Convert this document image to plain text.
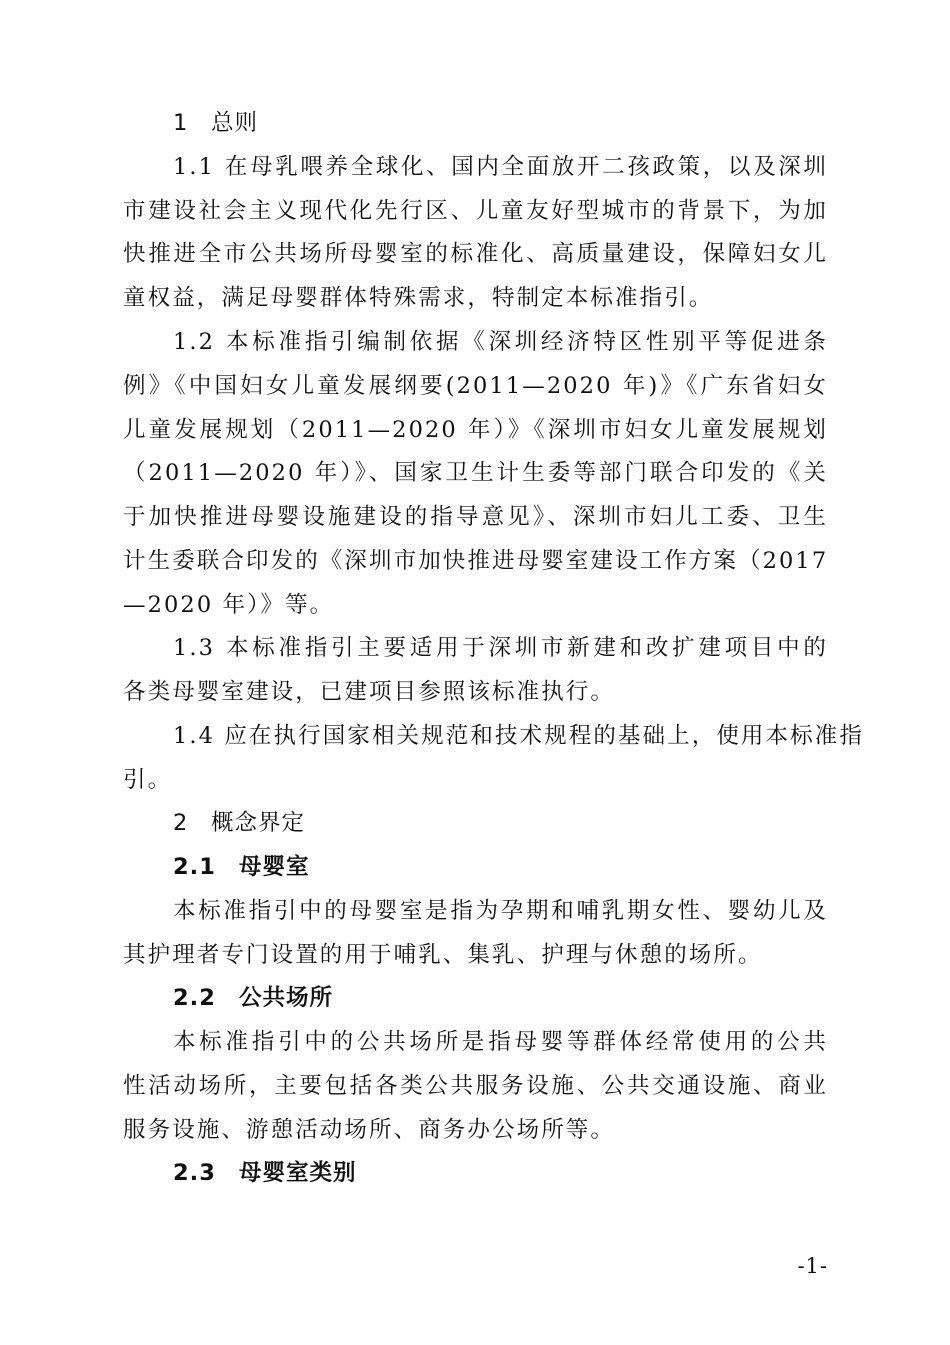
1 总则
1.1 在母乳喂养全球化、国内全面放开二孩政策，以及深圳
市建设社会主义现代化先行区、儿童友好型城市的背景下，为加
快推进全市公共场所母婴室的标准化、高质量建设，保障妇女儿
童权益，满足母婴群体特殊需求，特制定本标准指引。
1.2 本标准指引编制依据《深圳经济特区性别平等促进条
例》《中国妇女儿童发展纲要(2011—2020 年)》《广东省妇女
儿童发展规划（2011—2020 年）》《深圳市妇女儿童发展规划
（2011—2020 年）》、国家卫生计生委等部门联合印发的《关
于加快推进母婴设施建设的指导意见》、深圳市妇儿工委、卫生
计生委联合印发的《深圳市加快推进母婴室建设工作方案（2017
—2020 年）》等。
1.3 本标准指引主要适用于深圳市新建和改扩建项目中的
各类母婴室建设，已建项目参照该标准执行。
1.4 应在执行国家相关规范和技术规程的基础上，使用本标准指
引。
2 概念界定
2.1 母婴室
本标准指引中的母婴室是指为孕期和哺乳期女性、婴幼儿及
其护理者专门设置的用于哺乳、集乳、护理与休憩的场所。
2.2 公共场所
本标准指引中的公共场所是指母婴等群体经常使用的公共
性活动场所，主要包括各类公共服务设施、公共交通设施、商业
服务设施、游憩活动场所、商务办公场所等。
2.3 母婴室类别
-1-
